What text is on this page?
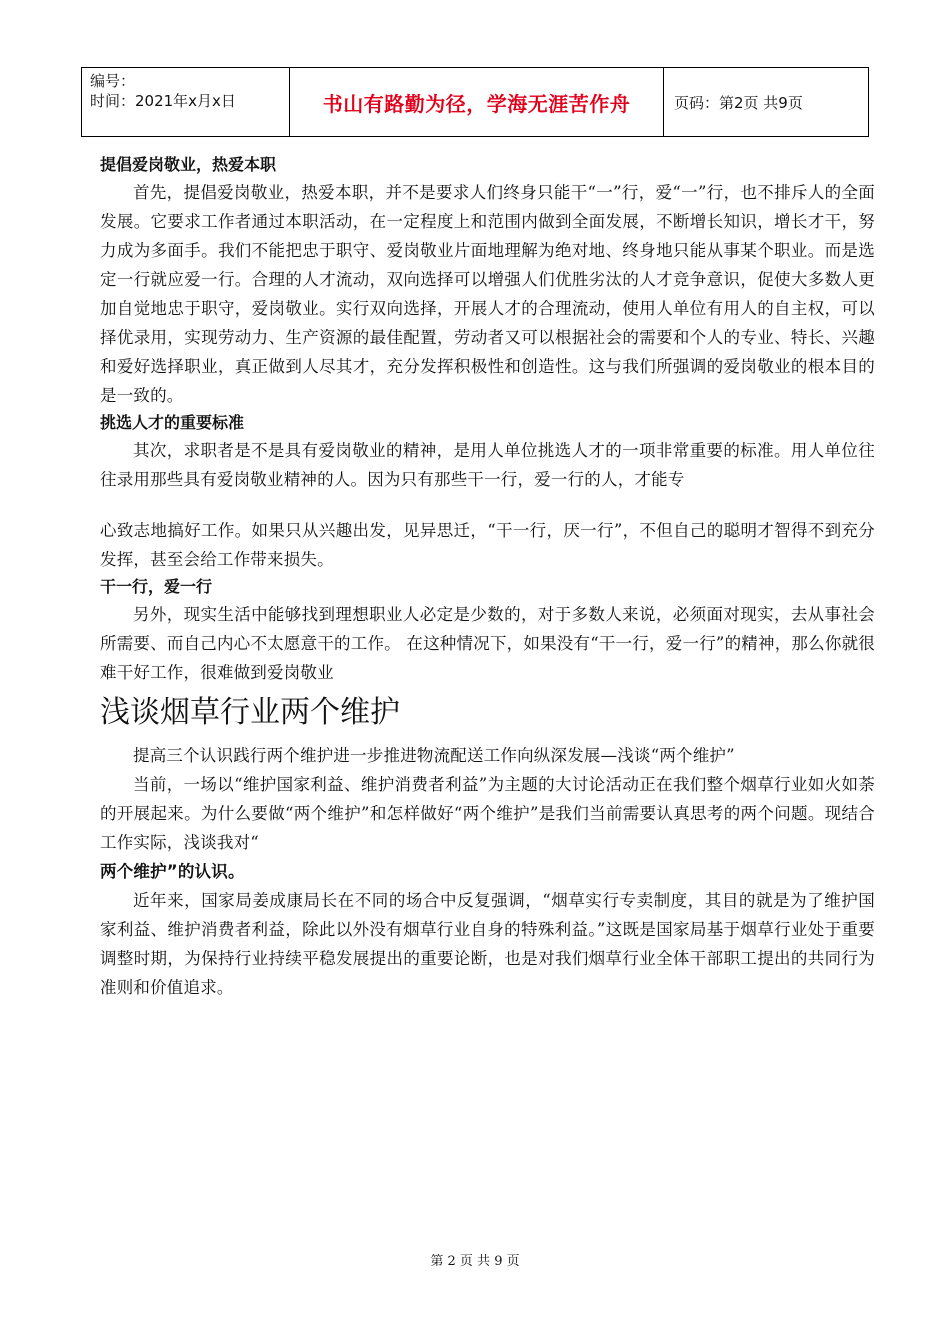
编号：
时间：2021年x月x日	书山有路勤为径，学海无涯苦作舟	页码：第2页 共9页
提倡爱岗敬业，热爱本职

首先，提倡爱岗敬业，热爱本职，并不是要求人们终身只能干“一”行，爱“一”行，也不排斥人的全面发展。它要求工作者通过本职活动，在一定程度上和范围内做到全面发展，不断增长知识，增长才干，努力成为多面手。我们不能把忠于职守、爱岗敬业片面地理解为绝对地、终身地只能从事某个职业。而是选定一行就应爱一行。合理的人才流动，双向选择可以增强人们优胜劣汰的人才竞争意识，促使大多数人更加自觉地忠于职守，爱岗敬业。实行双向选择，开展人才的合理流动，使用人单位有用人的自主权，可以择优录用，实现劳动力、生产资源的最佳配置，劳动者又可以根据社会的需要和个人的专业、特长、兴趣和爱好选择职业，真正做到人尽其才，充分发挥积极性和创造性。这与我们所强调的爱岗敬业的根本目的是一致的。

挑选人才的重要标准

其次，求职者是不是具有爱岗敬业的精神，是用人单位挑选人才的一项非常重要的标准。用人单位往往录用那些具有爱岗敬业精神的人。因为只有那些干一行，爱一行的人，才能专

心致志地搞好工作。如果只从兴趣出发，见异思迁，“干一行，厌一行”，不但自己的聪明才智得不到充分发挥，甚至会给工作带来损失。

干一行，爱一行

另外，现实生活中能够找到理想职业人必定是少数的，对于多数人来说，必须面对现实，去从事社会所需要、而自己内心不太愿意干的工作。 在这种情况下，如果没有“干一行，爱一行”的精神，那么你就很难干好工作，很难做到爱岗敬业

浅谈烟草行业两个维护

提高三个认识践行两个维护进一步推进物流配送工作向纵深发展—浅谈“两个维护”

当前，一场以“维护国家利益、维护消费者利益”为主题的大讨论活动正在我们整个烟草行业如火如荼的开展起来。为什么要做“两个维护”和怎样做好“两个维护”是我们当前需要认真思考的两个问题。现结合工作实际，浅谈我对“

两个维护”的认识。

近年来，国家局姜成康局长在不同的场合中反复强调，“烟草实行专卖制度，其目的就是为了维护国家利益、维护消费者利益，除此以外没有烟草行业自身的特殊利益。”这既是国家局基于烟草行业处于重要调整时期，为保持行业持续平稳发展提出的重要论断，也是对我们烟草行业全体干部职工提出的共同行为准则和价值追求。

第 2 页 共 9 页
